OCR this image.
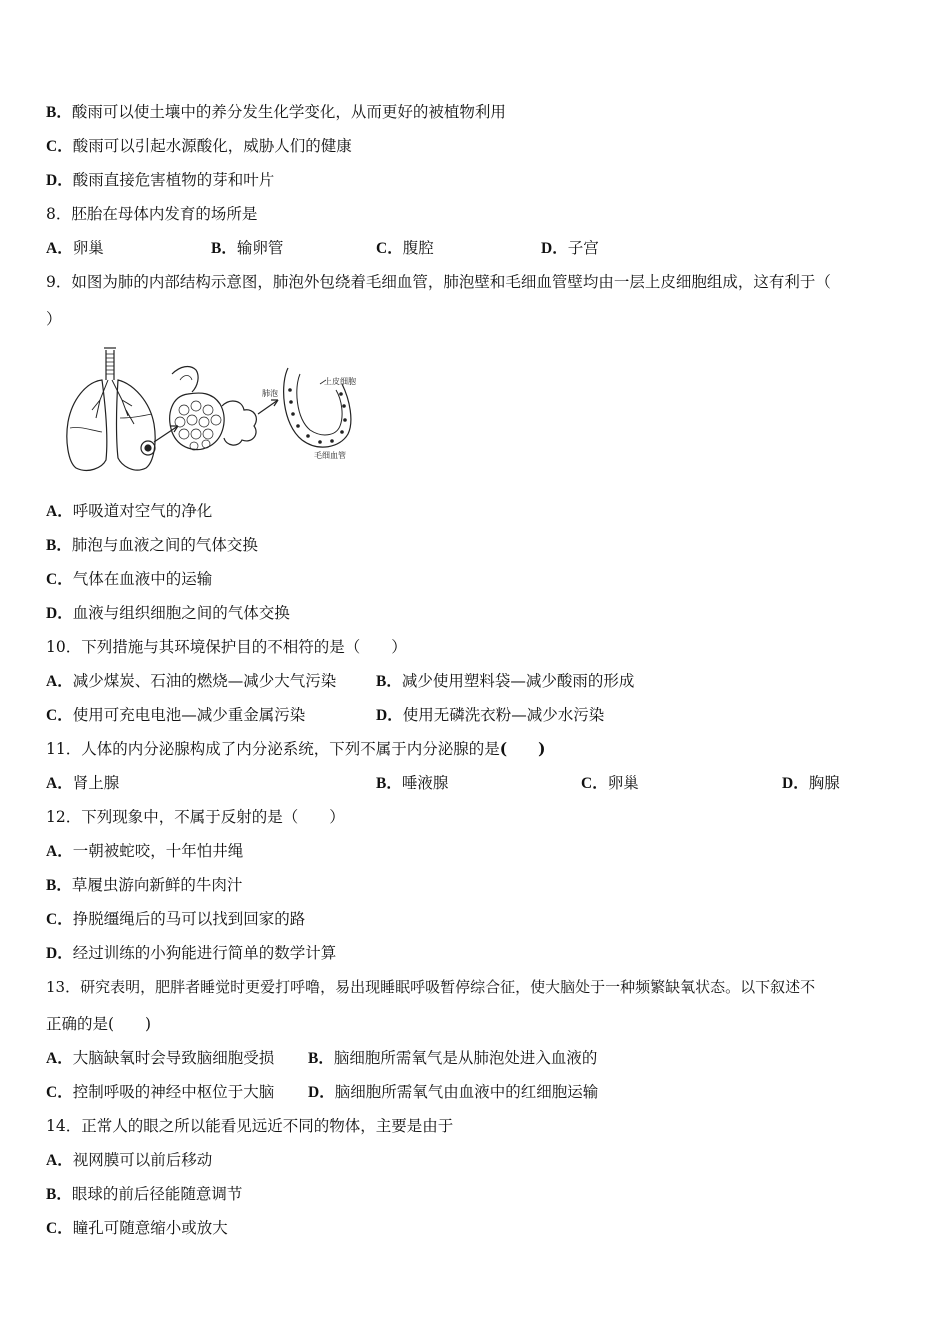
B．酸雨可以使土壤中的养分发生化学变化，从而更好的被植物利用
C．酸雨可以引起水源酸化，威胁人们的健康
D．酸雨直接危害植物的芽和叶片
8．胚胎在母体内发育的场所是
A．卵巢	B．输卵管	C．腹腔	D．子宫
9．如图为肺的内部结构示意图，肺泡外包绕着毛细血管，肺泡壁和毛细血管壁均由一层上皮细胞组成，这有利于（
）
肺泡
上皮细胞
毛细血管
A．呼吸道对空气的净化
B．肺泡与血液之间的气体交换
C．气体在血液中的运输
D．血液与组织细胞之间的气体交换
10．下列措施与其环境保护目的不相符的是（　　）
A．减少煤炭、石油的燃烧—减少大气污染	B．减少使用塑料袋—减少酸雨的形成
C．使用可充电电池—减少重金属污染	D．使用无磷洗衣粉—减少水污染
11．人体的内分泌腺构成了内分泌系统，下列不属于内分泌腺的是(　　)
A．肾上腺	B．唾液腺	C．卵巢	D．胸腺
12．下列现象中，不属于反射的是（　　）
A．一朝被蛇咬，十年怕井绳
B．草履虫游向新鲜的牛肉汁
C．挣脱缰绳后的马可以找到回家的路
D．经过训练的小狗能进行简单的数学计算
13．研究表明，肥胖者睡觉时更爱打呼噜，易出现睡眠呼吸暂停综合征，使大脑处于一种频繁缺氧状态。以下叙述不
正确的是(　　)
A．大脑缺氧时会导致脑细胞受损 B．脑细胞所需氧气是从肺泡处进入血液的
C．控制呼吸的神经中枢位于大脑 D．脑细胞所需氧气由血液中的红细胞运输
14．正常人的眼之所以能看见远近不同的物体，主要是由于
A．视网膜可以前后移动
B．眼球的前后径能随意调节
C．瞳孔可随意缩小或放大
